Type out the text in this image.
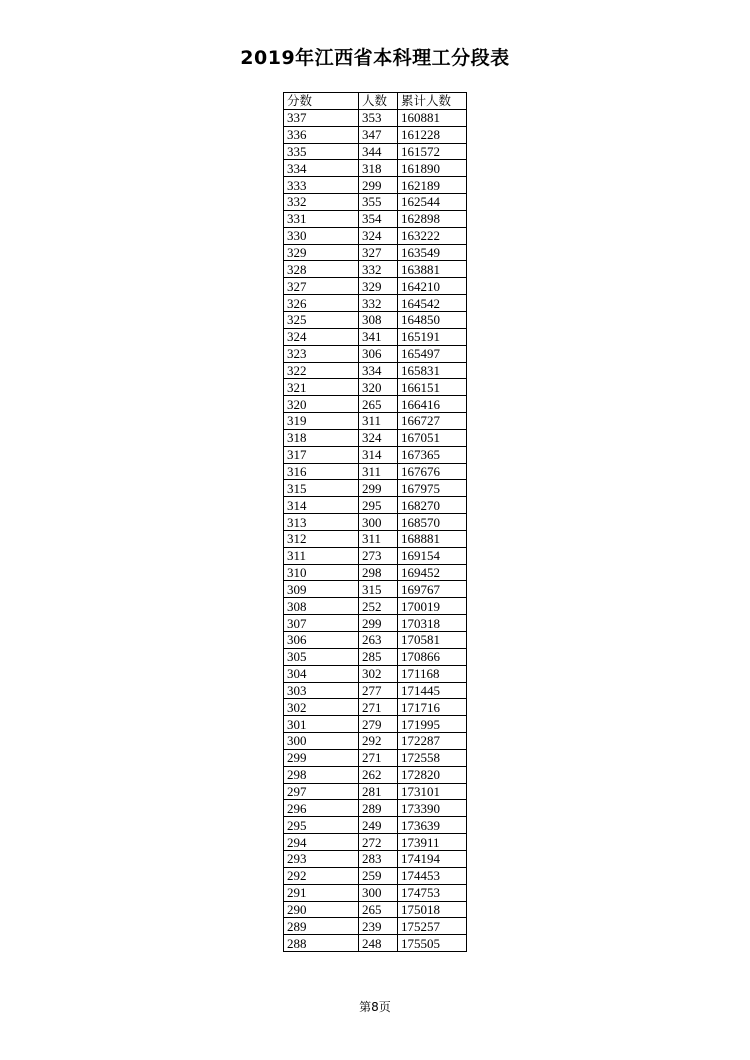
2019年江西省本科理工分段表
分数	人数	累计人数
337	353	160881
336	347	161228
335	344	161572
334	318	161890
333	299	162189
332	355	162544
331	354	162898
330	324	163222
329	327	163549
328	332	163881
327	329	164210
326	332	164542
325	308	164850
324	341	165191
323	306	165497
322	334	165831
321	320	166151
320	265	166416
319	311	166727
318	324	167051
317	314	167365
316	311	167676
315	299	167975
314	295	168270
313	300	168570
312	311	168881
311	273	169154
310	298	169452
309	315	169767
308	252	170019
307	299	170318
306	263	170581
305	285	170866
304	302	171168
303	277	171445
302	271	171716
301	279	171995
300	292	172287
299	271	172558
298	262	172820
297	281	173101
296	289	173390
295	249	173639
294	272	173911
293	283	174194
292	259	174453
291	300	174753
290	265	175018
289	239	175257
288	248	175505
第8页
